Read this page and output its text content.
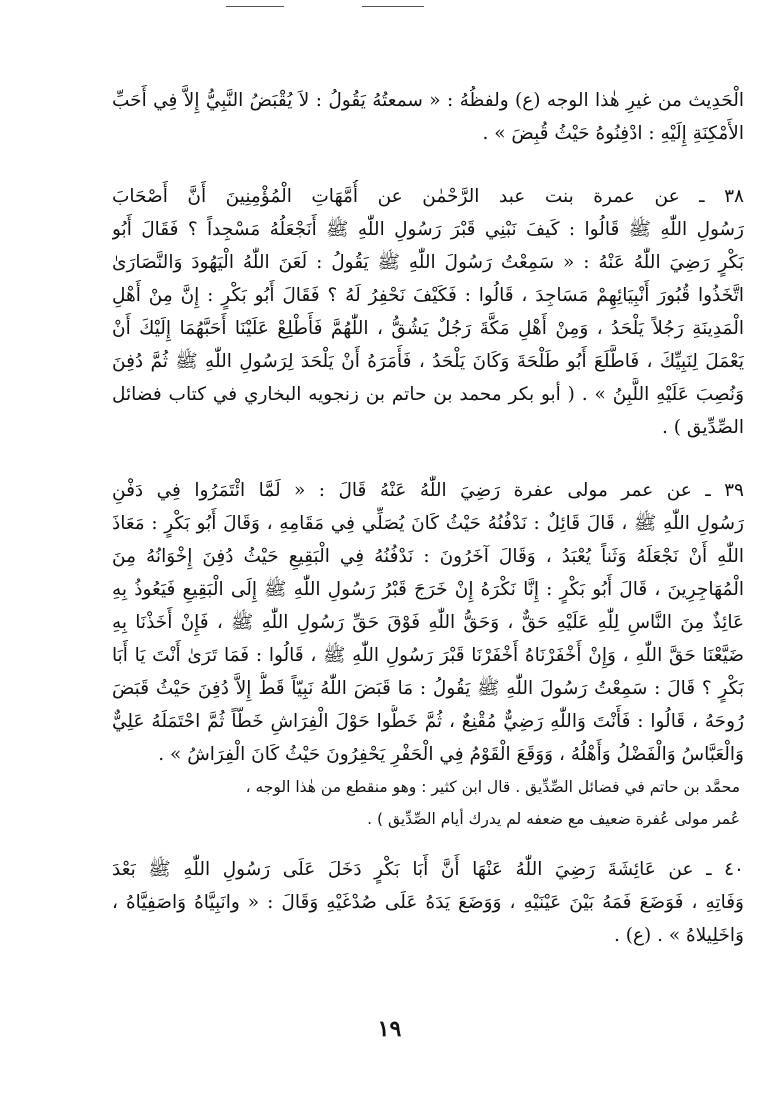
الْحَدِيث من غيرِ هٰذا الوجه (ع) ولفظُهُ : « سمعتُهُ يَقُولُ : لاَ يُقْبَضُ النَّبِيُّ إِلاَّ فِي أَحَبِّ
الأَمْكِنَةِ إِلَيْهِ : ادْفِنُوهُ حَيْثُ قُبِضَ » .
٣٨ ـ عن عمرة بنت عبد الرَّحْمٰن عن أُمَّهَاتِ الْمُؤْمِنِينَ أَنَّ أَصْحَابَ
رَسُولِ اللّٰهِ ﷺ قَالُوا : كَيفَ نَبْنِي قَبْرَ رَسُولِ اللّٰهِ ﷺ أَنَجْعَلُهُ مَسْجِداً ؟ فَقَالَ أَبُو
بَكْرٍ رَضِيَ اللّٰهُ عَنْهُ : « سَمِعْتُ رَسُولَ اللّٰهِ ﷺ يَقُولُ : لَعَنَ اللّٰهُ الْيَهُودَ وَالنَّصَارَىٰ
اتَّخَذُوا قُبُورَ أَنْبِيَائِهِمْ مَسَاجِدَ ، قَالُوا : فَكَيْفَ نَحْفِرُ لَهُ ؟ فَقَالَ أَبُو بَكْرٍ : إِنَّ مِنْ أَهْلِ
الْمَدِينَةِ رَجُلاً يَلْحَدُ ، وَمِنْ أَهْلِ مَكَّةَ رَجُلٌ يَشُقُّ ، اللّٰهُمَّ فَأَطْلِعْ عَلَيْنَا أَحَبَّهُمَا إِلَيْكَ أَنْ
يَعْمَلَ لِنَبِيِّكَ ، فَاطَّلَعَ أَبُو طَلْحَةَ وَكَانَ يَلْحَدُ ، فَأَمَرَهُ أَنْ يَلْحَدَ لِرَسُولِ اللّٰهِ ﷺ ثُمَّ دُفِنَ
وَنُصِبَ عَلَيْهِ اللَّبِنُ » . ( أبو بكر محمد بن حاتم بن زنجويه البخاري في كتاب فضائل
الصِّدِّيق ) .
٣٩ ـ عن عمر مولى عفرة رَضِيَ اللّٰهُ عَنْهُ قَالَ : « لَمَّا ائْتَمَرُوا فِي دَفْنِ
رَسُولِ اللّٰهِ ﷺ ، قَالَ قَائِلٌ : نَدْفُنُهُ حَيْثُ كَانَ يُصَلِّي فِي مَقَامِهِ ، وَقَالَ أَبُو بَكْرٍ : مَعَاذَ
اللّٰهِ أَنْ نَجْعَلَهُ وَثَناً يُعْبَدُ ، وَقَالَ آخَرُونَ : نَدْفُنُهُ فِي الْبَقِيعِ حَيْثُ دُفِنَ إِخْوَانُهُ مِنَ
الْمُهَاجِرِينَ ، قَالَ أَبُو بَكْرٍ : إِنَّا نَكْرَهُ إِنْ خَرَجَ قَبْرُ رَسُولِ اللّٰهِ ﷺ إِلَى الْبَقِيعِ فَيَعُوذُ بِهِ
عَائِذٌ مِنَ النَّاسِ لِلّٰهِ عَلَيْهِ حَقٌّ ، وَحَقُّ اللّٰهِ فَوْقَ حَقِّ رَسُولِ اللّٰهِ ﷺ ، فَإِنْ أَخَذْنَا بِهِ
ضَيَّعْنَا حَقَّ اللّٰهِ ، وَإِنْ أَخْفَرْنَاهُ أَخْفَرْنَا قَبْرَ رَسُولِ اللّٰهِ ﷺ ، قَالُوا : فَمَا تَرَىٰ أَنْتَ يَا أَبَا
بَكْرٍ ؟ قَالَ : سَمِعْتُ رَسُولَ اللّٰهِ ﷺ يَقُولُ : مَا قَبَضَ اللّٰهُ نَبِيّاً قَطُّ إِلاَّ دُفِنَ حَيْثُ قَبَضَ
رُوحَهُ ، قَالُوا : فَأَنْتَ وَاللّٰهِ رَضِيٌّ مُقْنِعٌ ، ثُمَّ خَطُّوا حَوْلَ الْفِرَاشِ خَطّاً ثُمَّ احْتَمَلَهُ عَلِيٌّ
وَالْعَبَّاسُ وَالْفَضْلُ وَأَهْلُهُ ، وَوَقَعَ الْقَوْمُ فِي الْحَفْرِ يَحْفِرُونَ حَيْثُ كَانَ الْفِرَاشُ » .
محمَّد بن حاتم في فضائل الصِّدِّيق . قال ابن كثير : وهو منقطع من هٰذا الوجه ،
عُمر مولى عُفرة ضعيف مع ضعفه لم يدرك أيام الصِّدِّيق ) .
٤٠ ـ عن عَائِشَةَ رَضِيَ اللّٰهُ عَنْهَا أَنَّ أَبَا بَكْرٍ دَخَلَ عَلَى رَسُولِ اللّٰهِ ﷺ بَعْدَ
وَفَاتِهِ ، فَوَضَعَ فَمَهُ بَيْنَ عَيْنَيْهِ ، وَوَضَعَ يَدَهُ عَلَى صُدْغَيْهِ وَقَالَ : « وانَبِيَّاهُ وَاصَفِيَّاهُ ،
وَاخَلِيلاهُ » . (ع) .
١٩
